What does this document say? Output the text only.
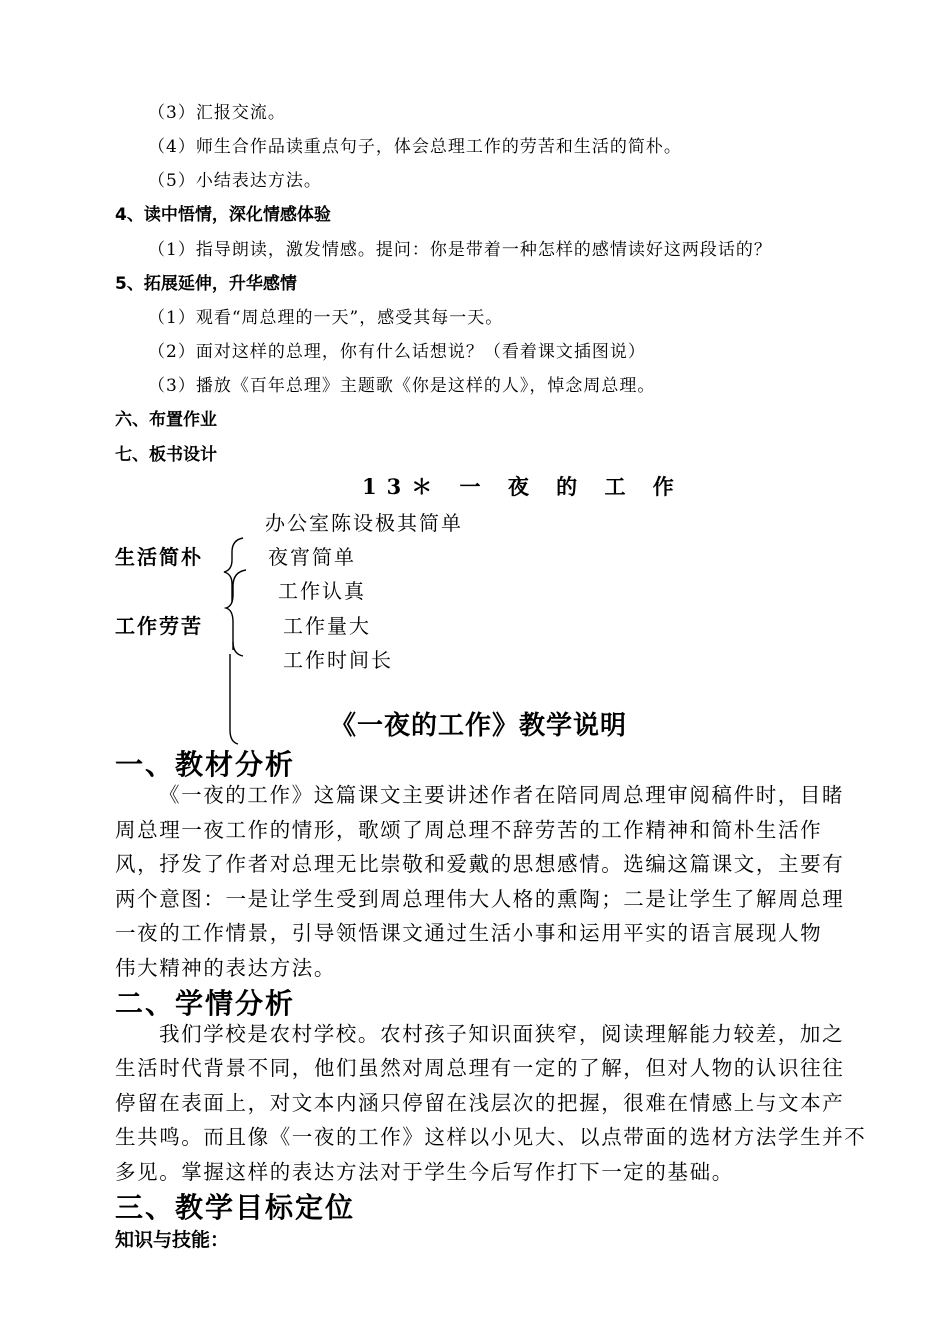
（3）汇报交流。
（4）师生合作品读重点句子，体会总理工作的劳苦和生活的简朴。
（5）小结表达方法。
4、读中悟情，深化情感体验
（1）指导朗读，激发情感。提问：你是带着一种怎样的感情读好这两段话的？
5、拓展延伸，升华感情
（1）观看“周总理的一天”，感受其每一天。
（2）面对这样的总理，你有什么话想说？（看着课文插图说）
（3）播放《百年总理》主题歌《你是这样的人》，悼念周总理。
六、布置作业
七、板书设计
13＊ 一 夜 的 工 作
办公室陈设极其简单
生活简朴	夜宵简单
工作认真
工作劳苦	工作量大
工作时间长
《一夜的工作》教学说明
一、教材分析
《一夜的工作》这篇课文主要讲述作者在陪同周总理审阅稿件时，目睹
周总理一夜工作的情形，歌颂了周总理不辞劳苦的工作精神和简朴生活作
风，抒发了作者对总理无比崇敬和爱戴的思想感情。选编这篇课文，主要有
两个意图：一是让学生受到周总理伟大人格的熏陶；二是让学生了解周总理
一夜的工作情景，引导领悟课文通过生活小事和运用平实的语言展现人物
伟大精神的表达方法。
二、学情分析
我们学校是农村学校。农村孩子知识面狭窄，阅读理解能力较差，加之
生活时代背景不同，他们虽然对周总理有一定的了解，但对人物的认识往往
停留在表面上，对文本内涵只停留在浅层次的把握，很难在情感上与文本产
生共鸣。而且像《一夜的工作》这样以小见大、以点带面的选材方法学生并不
多见。掌握这样的表达方法对于学生今后写作打下一定的基础。
三、教学目标定位
知识与技能：
